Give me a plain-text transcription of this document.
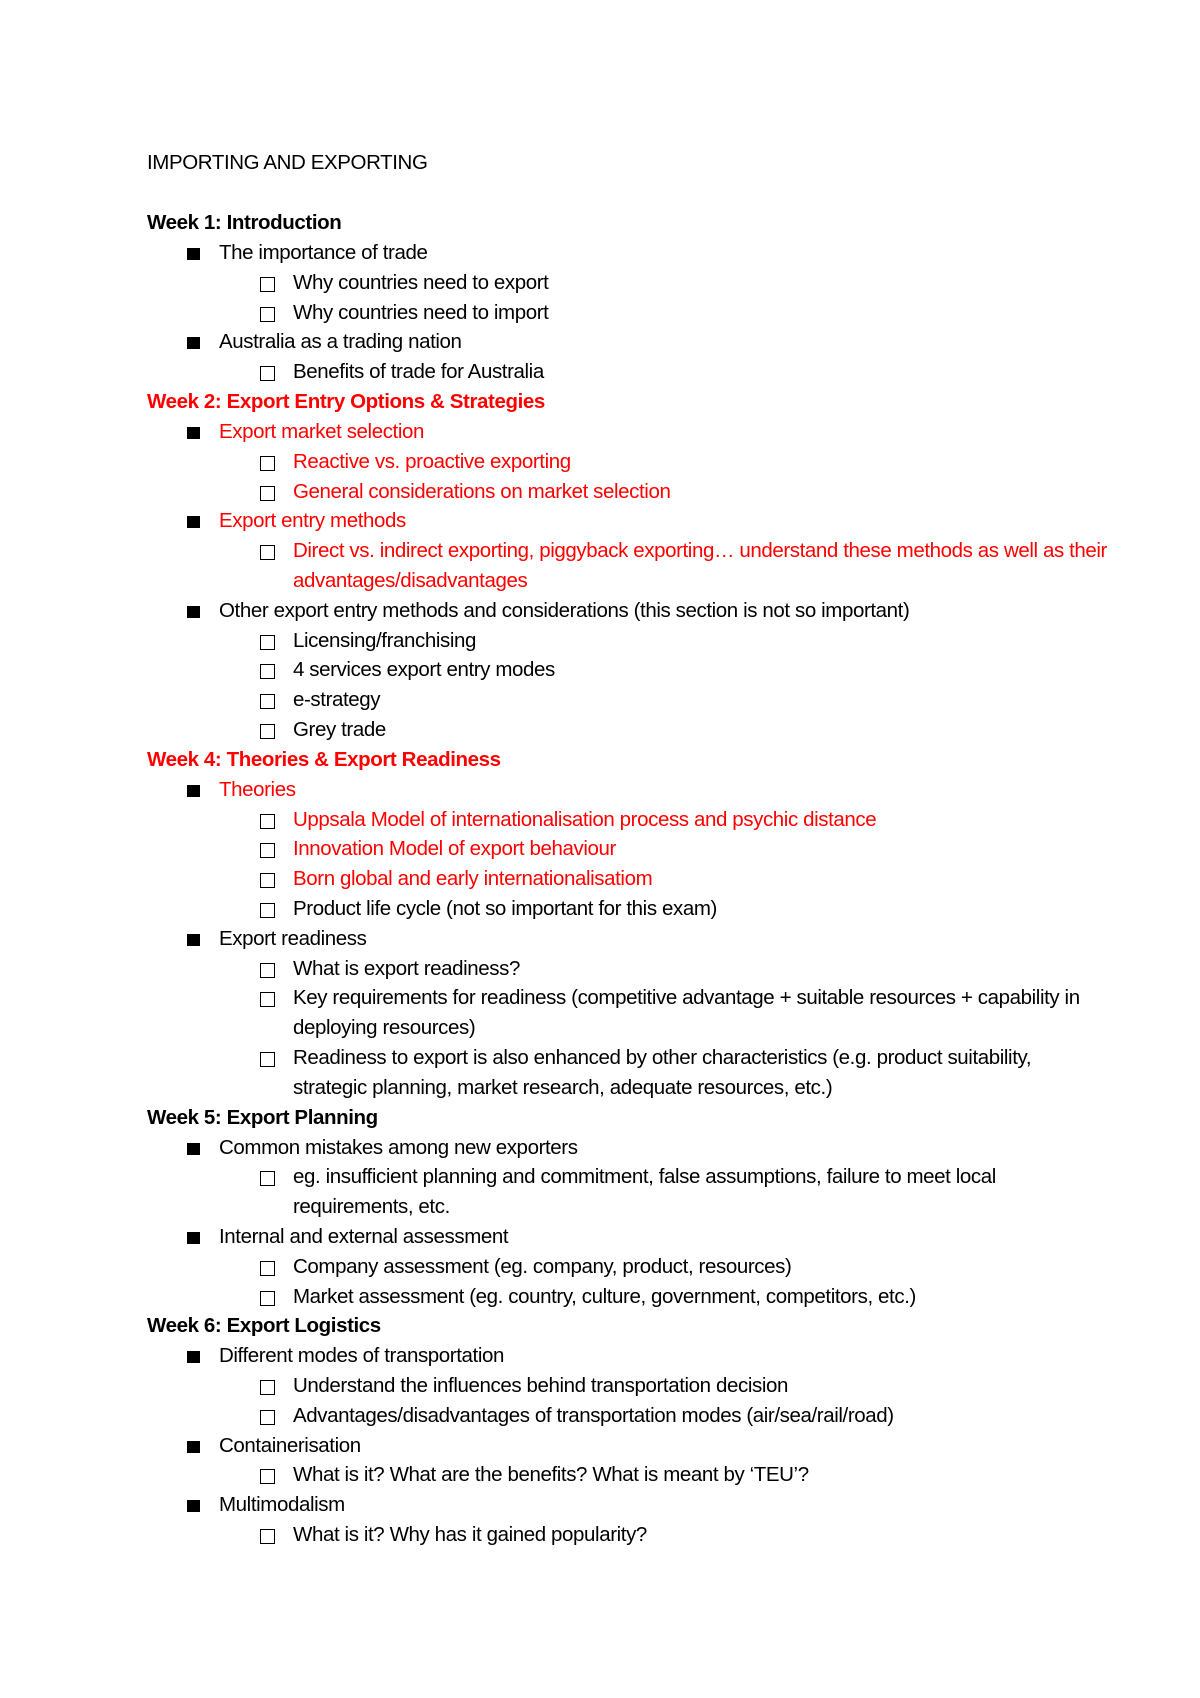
IMPORTING AND EXPORTING
Week 1: Introduction
The importance of trade
Why countries need to export
Why countries need to import
Australia as a trading nation
Benefits of trade for Australia
Week 2: Export Entry Options & Strategies
Export market selection
Reactive vs. proactive exporting
General considerations on market selection
Export entry methods
Direct vs. indirect exporting, piggyback exporting… understand these methods as well as their advantages/disadvantages
Other export entry methods and considerations (this section is not so important)
Licensing/franchising
4 services export entry modes
e-strategy
Grey trade
Week 4: Theories & Export Readiness
Theories
Uppsala Model of internationalisation process and psychic distance
Innovation Model of export behaviour
Born global and early internationalisatiom
Product life cycle (not so important for this exam)
Export readiness
What is export readiness?
Key requirements for readiness (competitive advantage + suitable resources + capability in deploying resources)
Readiness to export is also enhanced by other characteristics (e.g. product suitability, strategic planning, market research, adequate resources, etc.)
Week 5: Export Planning
Common mistakes among new exporters
eg. insufficient planning and commitment, false assumptions, failure to meet local requirements, etc.
Internal and external assessment
Company assessment (eg. company, product, resources)
Market assessment (eg. country, culture, government, competitors, etc.)
Week 6: Export Logistics
Different modes of transportation
Understand the influences behind transportation decision
Advantages/disadvantages of transportation modes (air/sea/rail/road)
Containerisation
What is it? What are the benefits? What is meant by ‘TEU’?
Multimodalism
What is it? Why has it gained popularity?
